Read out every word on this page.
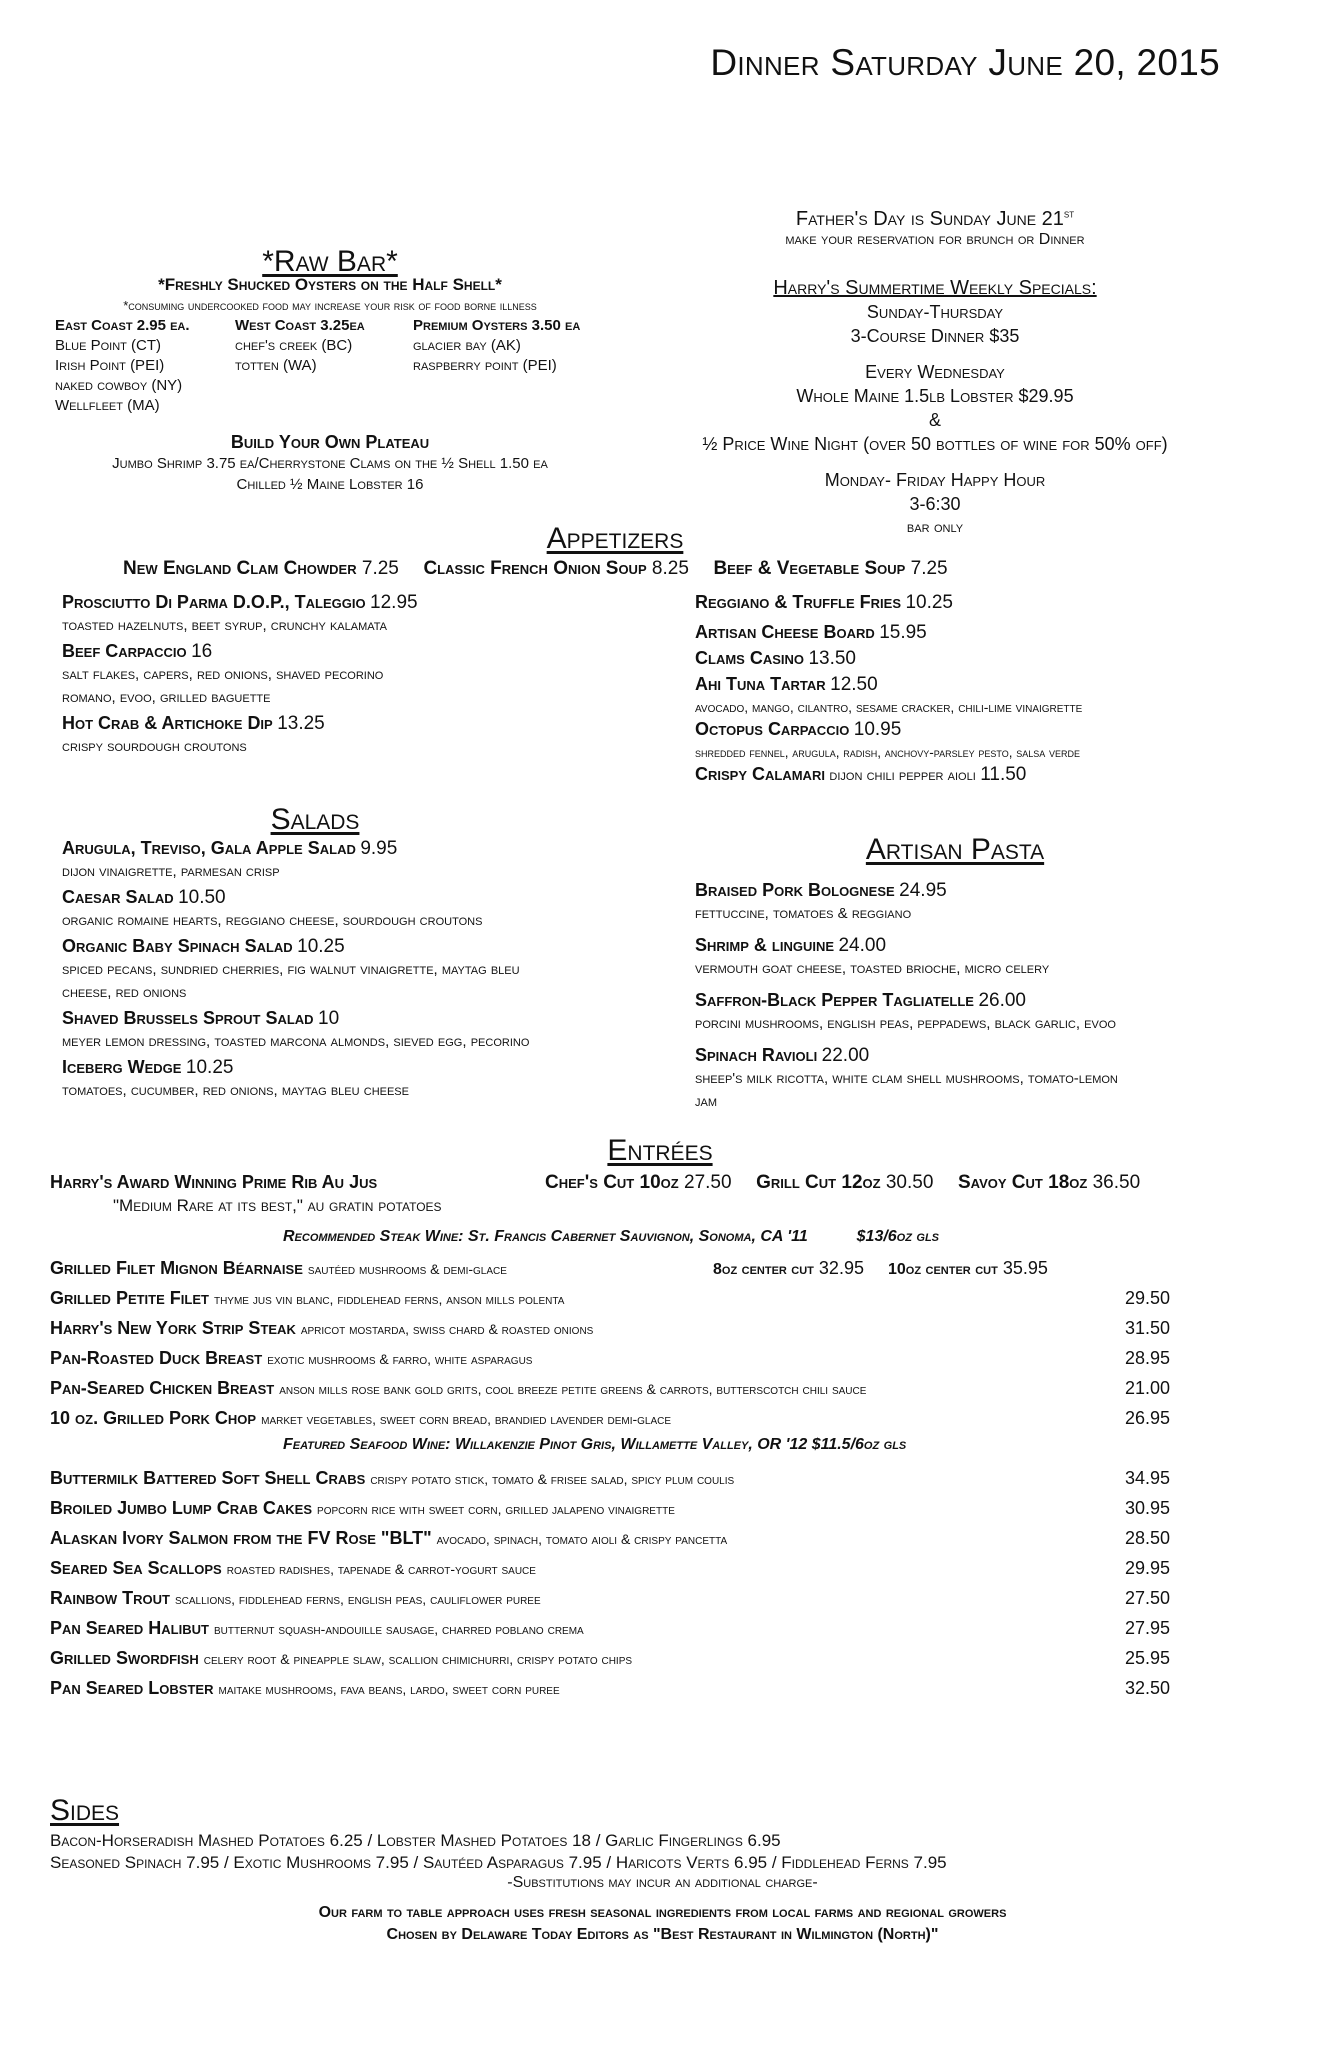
Dinner Saturday June 20, 2015
Father's Day is Sunday June 21st
make your reservation for brunch or Dinner
Harry's Summertime Weekly Specials:
Sunday-Thursday
3-Course Dinner $35
Every Wednesday
Whole Maine 1.5lb Lobster $29.95
&
½ Price Wine Night (over 50 bottles of wine for 50% off)
Monday- Friday Happy Hour
3-6:30
bar only
*Raw Bar*
*Freshly Shucked Oysters on the Half Shell*
*consuming undercooked food may increase your risk of food borne illness
East Coast 2.95 ea.
Blue Point (CT)
Irish Point (PEI)
naked cowboy (NY)
Wellfleet (MA)
West Coast 3.25ea
chef's creek (BC)
totten (WA)
Premium Oysters 3.50 ea
glacier bay (AK)
raspberry point (PEI)
Build Your Own Plateau
Jumbo Shrimp 3.75 ea/Cherrystone Clams on the ½ Shell 1.50 ea
Chilled ½ Maine Lobster 16
Appetizers
New England Clam Chowder 7.25 Classic French Onion Soup 8.25 Beef & Vegetable Soup 7.25
Prosciutto Di Parma D.O.P., Taleggio 12.95
toasted hazelnuts, beet syrup, crunchy kalamata
Beef Carpaccio 16
salt flakes, capers, red onions, shaved pecorino
romano, evoo, grilled baguette
Hot Crab & Artichoke Dip 13.25
crispy sourdough croutons
Reggiano & Truffle Fries 10.25
Artisan Cheese Board 15.95
Clams Casino 13.50
Ahi Tuna Tartar 12.50
avocado, mango, cilantro, sesame cracker, chili-lime vinaigrette
Octopus Carpaccio 10.95
shredded fennel, arugula, radish, anchovy-parsley pesto, salsa verde
Crispy Calamari dijon chili pepper aioli 11.50
Salads
Arugula, Treviso, Gala Apple Salad 9.95
dijon vinaigrette, parmesan crisp
Caesar Salad 10.50
organic romaine hearts, reggiano cheese, sourdough croutons
Organic Baby Spinach Salad 10.25
spiced pecans, sundried cherries, fig walnut vinaigrette, maytag bleu
cheese, red onions
Shaved Brussels Sprout Salad 10
meyer lemon dressing, toasted marcona almonds, sieved egg, pecorino
Iceberg Wedge 10.25
tomatoes, cucumber, red onions, maytag bleu cheese
Artisan Pasta
Braised Pork Bolognese 24.95
fettuccine, tomatoes & reggiano
Shrimp & linguine 24.00
vermouth goat cheese, toasted brioche, micro celery
Saffron-Black Pepper Tagliatelle 26.00
porcini mushrooms, english peas, peppadews, black garlic, evoo
Spinach Ravioli 22.00
sheep's milk ricotta, white clam shell mushrooms, tomato-lemon
jam
Entrées
Harry's Award Winning Prime Rib Au Jus	Chef's Cut 10oz 27.50 Grill Cut 12oz 30.50 Savoy Cut 18oz 36.50
"Medium Rare at its best," au gratin potatoes
Recommended Steak Wine: St. Francis Cabernet Sauvignon, Sonoma, CA '11	$13/6oz gls
Grilled Filet Mignon Béarnaise sautéed mushrooms & demi-glace	8oz center cut 32.95 10oz center cut 35.95
Grilled Petite Filet thyme jus vin blanc, fiddlehead ferns, anson mills polenta	29.50
Harry's New York Strip Steak apricot mostarda, swiss chard & roasted onions	31.50
Pan-Roasted Duck Breast exotic mushrooms & farro, white asparagus	28.95
Pan-Seared Chicken Breast anson mills rose bank gold grits, cool breeze petite greens & carrots, butterscotch chili sauce	21.00
10 oz. Grilled Pork Chop market vegetables, sweet corn bread, brandied lavender demi-glace	26.95
Featured Seafood Wine: Willakenzie Pinot Gris, Willamette Valley, OR '12 $11.5/6oz gls
Buttermilk Battered Soft Shell Crabs crispy potato stick, tomato & frisee salad, spicy plum coulis	34.95
Broiled Jumbo Lump Crab Cakes popcorn rice with sweet corn, grilled jalapeno vinaigrette	30.95
Alaskan Ivory Salmon from the FV Rose "BLT" avocado, spinach, tomato aioli & crispy pancetta	28.50
Seared Sea Scallops roasted radishes, tapenade & carrot-yogurt sauce	29.95
Rainbow Trout scallions, fiddlehead ferns, english peas, cauliflower puree	27.50
Pan Seared Halibut butternut squash-andouille sausage, charred poblano crema	27.95
Grilled Swordfish celery root & pineapple slaw, scallion chimichurri, crispy potato chips	25.95
Pan Seared Lobster maitake mushrooms, fava beans, lardo, sweet corn puree	32.50
Sides
Bacon-Horseradish Mashed Potatoes 6.25 / Lobster Mashed Potatoes 18 / Garlic Fingerlings 6.95
Seasoned Spinach 7.95 / Exotic Mushrooms 7.95 / Sautéed Asparagus 7.95 / Haricots Verts 6.95 / Fiddlehead Ferns 7.95
-Substitutions may incur an additional charge-
Our farm to table approach uses fresh seasonal ingredients from local farms and regional growers
Chosen by Delaware Today Editors as "Best Restaurant in Wilmington (North)"
